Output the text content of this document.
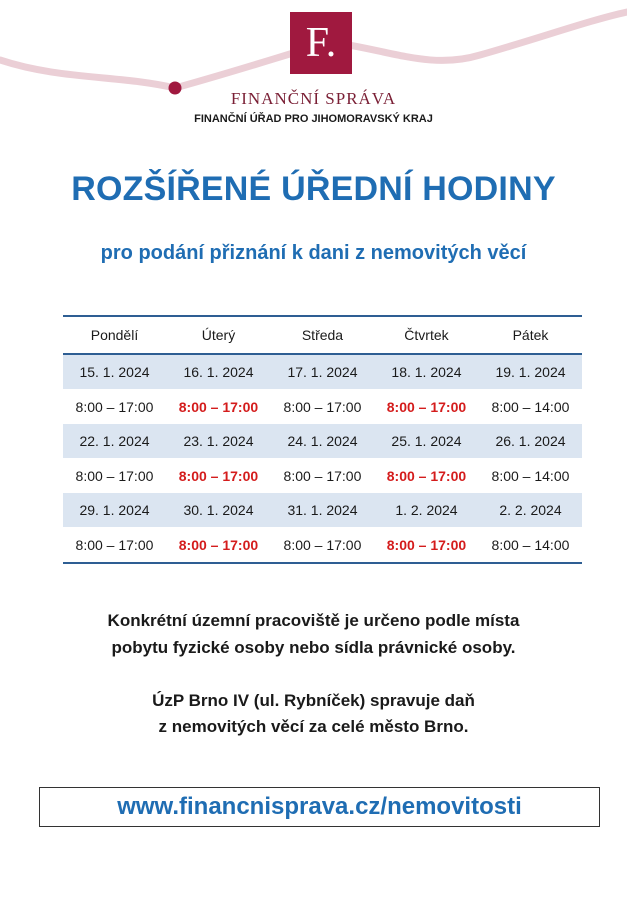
F.
FINANČNÍ SPRÁVA
FINANČNÍ ÚŘAD PRO JIHOMORAVSKÝ KRAJ
ROZŠÍŘENÉ ÚŘEDNÍ HODINY
pro podání přiznání k dani z nemovitých věcí
Pondělí	Úterý	Středa	Čtvrtek	Pátek
15. 1. 2024	16. 1. 2024	17. 1. 2024	18. 1. 2024	19. 1. 2024
8:00 – 17:00	8:00 – 17:00	8:00 – 17:00	8:00 – 17:00	8:00 – 14:00
22. 1. 2024	23. 1. 2024	24. 1. 2024	25. 1. 2024	26. 1. 2024
8:00 – 17:00	8:00 – 17:00	8:00 – 17:00	8:00 – 17:00	8:00 – 14:00
29. 1. 2024	30. 1. 2024	31. 1. 2024	1. 2. 2024	2. 2. 2024
8:00 – 17:00	8:00 – 17:00	8:00 – 17:00	8:00 – 17:00	8:00 – 14:00
Konkrétní územní pracoviště je určeno podle místa
pobytu fyzické osoby nebo sídla právnické osoby.
ÚzP Brno IV (ul. Rybníček) spravuje daň
z nemovitých věcí za celé město Brno.
www.financnisprava.cz/nemovitosti
